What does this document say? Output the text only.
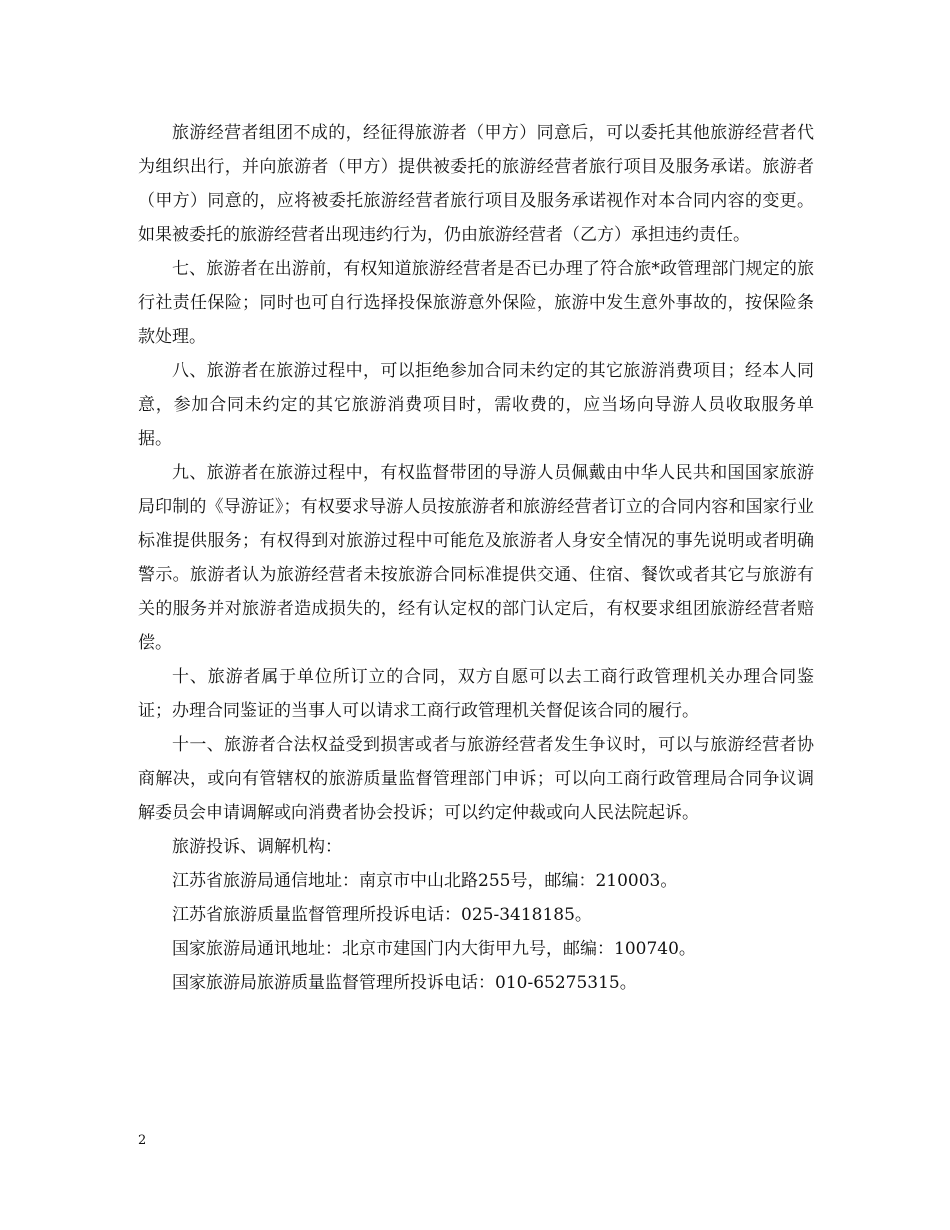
旅游经营者组团不成的，经征得旅游者（甲方）同意后，可以委托其他旅游经营者代为组织出行，并向旅游者（甲方）提供被委托的旅游经营者旅行项目及服务承诺。旅游者（甲方）同意的，应将被委托旅游经营者旅行项目及服务承诺视作对本合同内容的变更。如果被委托的旅游经营者出现违约行为，仍由旅游经营者（乙方）承担违约责任。

七、旅游者在出游前，有权知道旅游经营者是否已办理了符合旅*政管理部门规定的旅行社责任保险；同时也可自行选择投保旅游意外保险，旅游中发生意外事故的，按保险条款处理。

八、旅游者在旅游过程中，可以拒绝参加合同未约定的其它旅游消费项目；经本人同意，参加合同未约定的其它旅游消费项目时，需收费的，应当场向导游人员收取服务单据。

九、旅游者在旅游过程中，有权监督带团的导游人员佩戴由中华人民共和国国家旅游局印制的《导游证》；有权要求导游人员按旅游者和旅游经营者订立的合同内容和国家行业标准提供服务；有权得到对旅游过程中可能危及旅游者人身安全情况的事先说明或者明确警示。旅游者认为旅游经营者未按旅游合同标准提供交通、住宿、餐饮或者其它与旅游有关的服务并对旅游者造成损失的，经有认定权的部门认定后，有权要求组团旅游经营者赔偿。

十、旅游者属于单位所订立的合同，双方自愿可以去工商行政管理机关办理合同鉴证；办理合同鉴证的当事人可以请求工商行政管理机关督促该合同的履行。

十一、旅游者合法权益受到损害或者与旅游经营者发生争议时，可以与旅游经营者协商解决，或向有管辖权的旅游质量监督管理部门申诉；可以向工商行政管理局合同争议调解委员会申请调解或向消费者协会投诉；可以约定仲裁或向人民法院起诉。

旅游投诉、调解机构：

江苏省旅游局通信地址：南京市中山北路255号，邮编：210003。

江苏省旅游质量监督管理所投诉电话：025-3418185。

国家旅游局通讯地址：北京市建国门内大街甲九号，邮编：100740。

国家旅游局旅游质量监督管理所投诉电话：010-65275315。

2
